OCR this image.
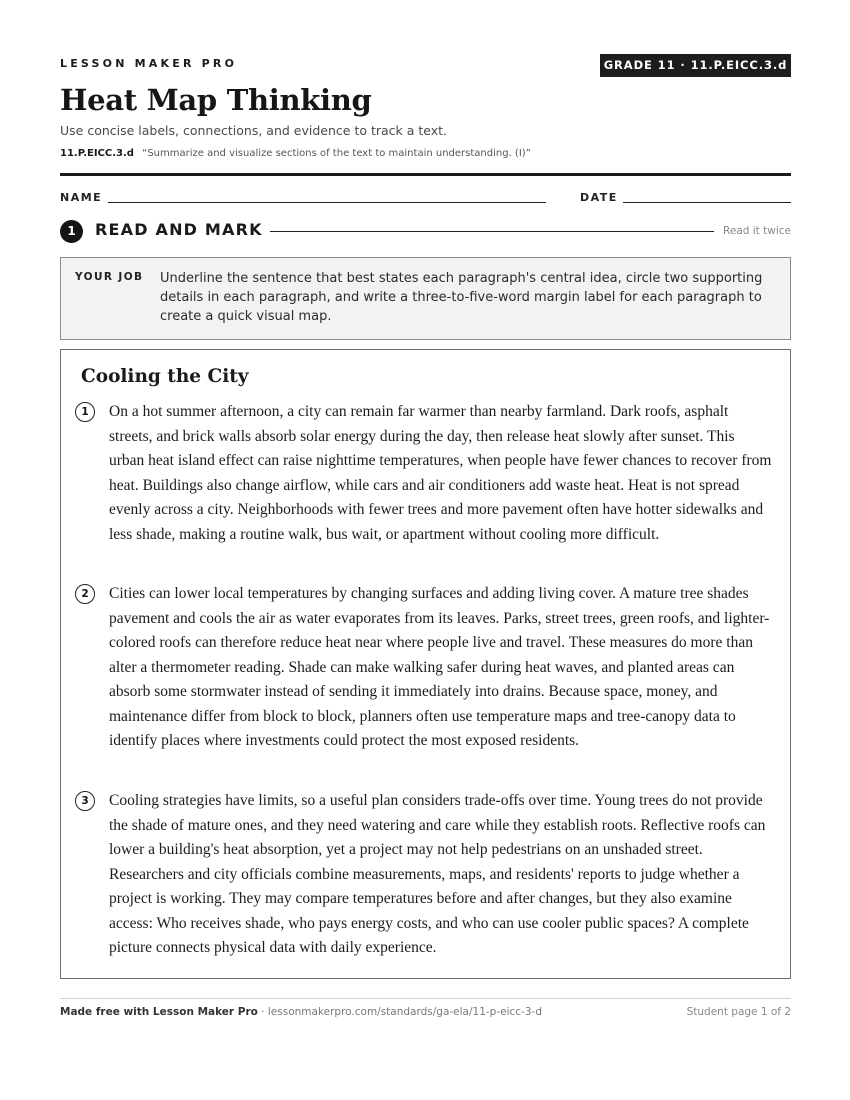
LESSON MAKER PRO	GRADE 11 · 11.P.EICC.3.d
Heat Map Thinking
Use concise labels, connections, and evidence to track a text.
11.P.EICC.3.d “Summarize and visualize sections of the text to maintain understanding. (I)”
NAME	DATE
1	READ AND MARK	Read it twice
YOUR JOB Underline the sentence that best states each paragraph's central idea, circle two supporting details in each paragraph, and write a three-to-five-word margin label for each paragraph to create a quick visual map.
Cooling the City
1	On a hot summer afternoon, a city can remain far warmer than nearby farmland. Dark roofs, asphalt streets, and brick walls absorb solar energy during the day, then release heat slowly after sunset. This urban heat island effect can raise nighttime temperatures, when people have fewer chances to recover from heat. Buildings also change airflow, while cars and air conditioners add waste heat. Heat is not spread evenly across a city. Neighborhoods with fewer trees and more pavement often have hotter sidewalks and less shade, making a routine walk, bus wait, or apartment without cooling more difficult.
2	Cities can lower local temperatures by changing surfaces and adding living cover. A mature tree shades pavement and cools the air as water evaporates from its leaves. Parks, street trees, green roofs, and lighter-colored roofs can therefore reduce heat near where people live and travel. These measures do more than alter a thermometer reading. Shade can make walking safer during heat waves, and planted areas can absorb some stormwater instead of sending it immediately into drains. Because space, money, and maintenance differ from block to block, planners often use temperature maps and tree-canopy data to identify places where investments could protect the most exposed residents.
3	Cooling strategies have limits, so a useful plan considers trade-offs over time. Young trees do not provide the shade of mature ones, and they need watering and care while they establish roots. Reflective roofs can lower a building's heat absorption, yet a project may not help pedestrians on an unshaded street. Researchers and city officials combine measurements, maps, and residents' reports to judge whether a project is working. They may compare temperatures before and after changes, but they also examine access: Who receives shade, who pays energy costs, and who can use cooler public spaces? A complete picture connects physical data with daily experience.
Made free with Lesson Maker Pro · lessonmakerpro.com/standards/ga-ela/11-p-eicc-3-d	Student page 1 of 2
